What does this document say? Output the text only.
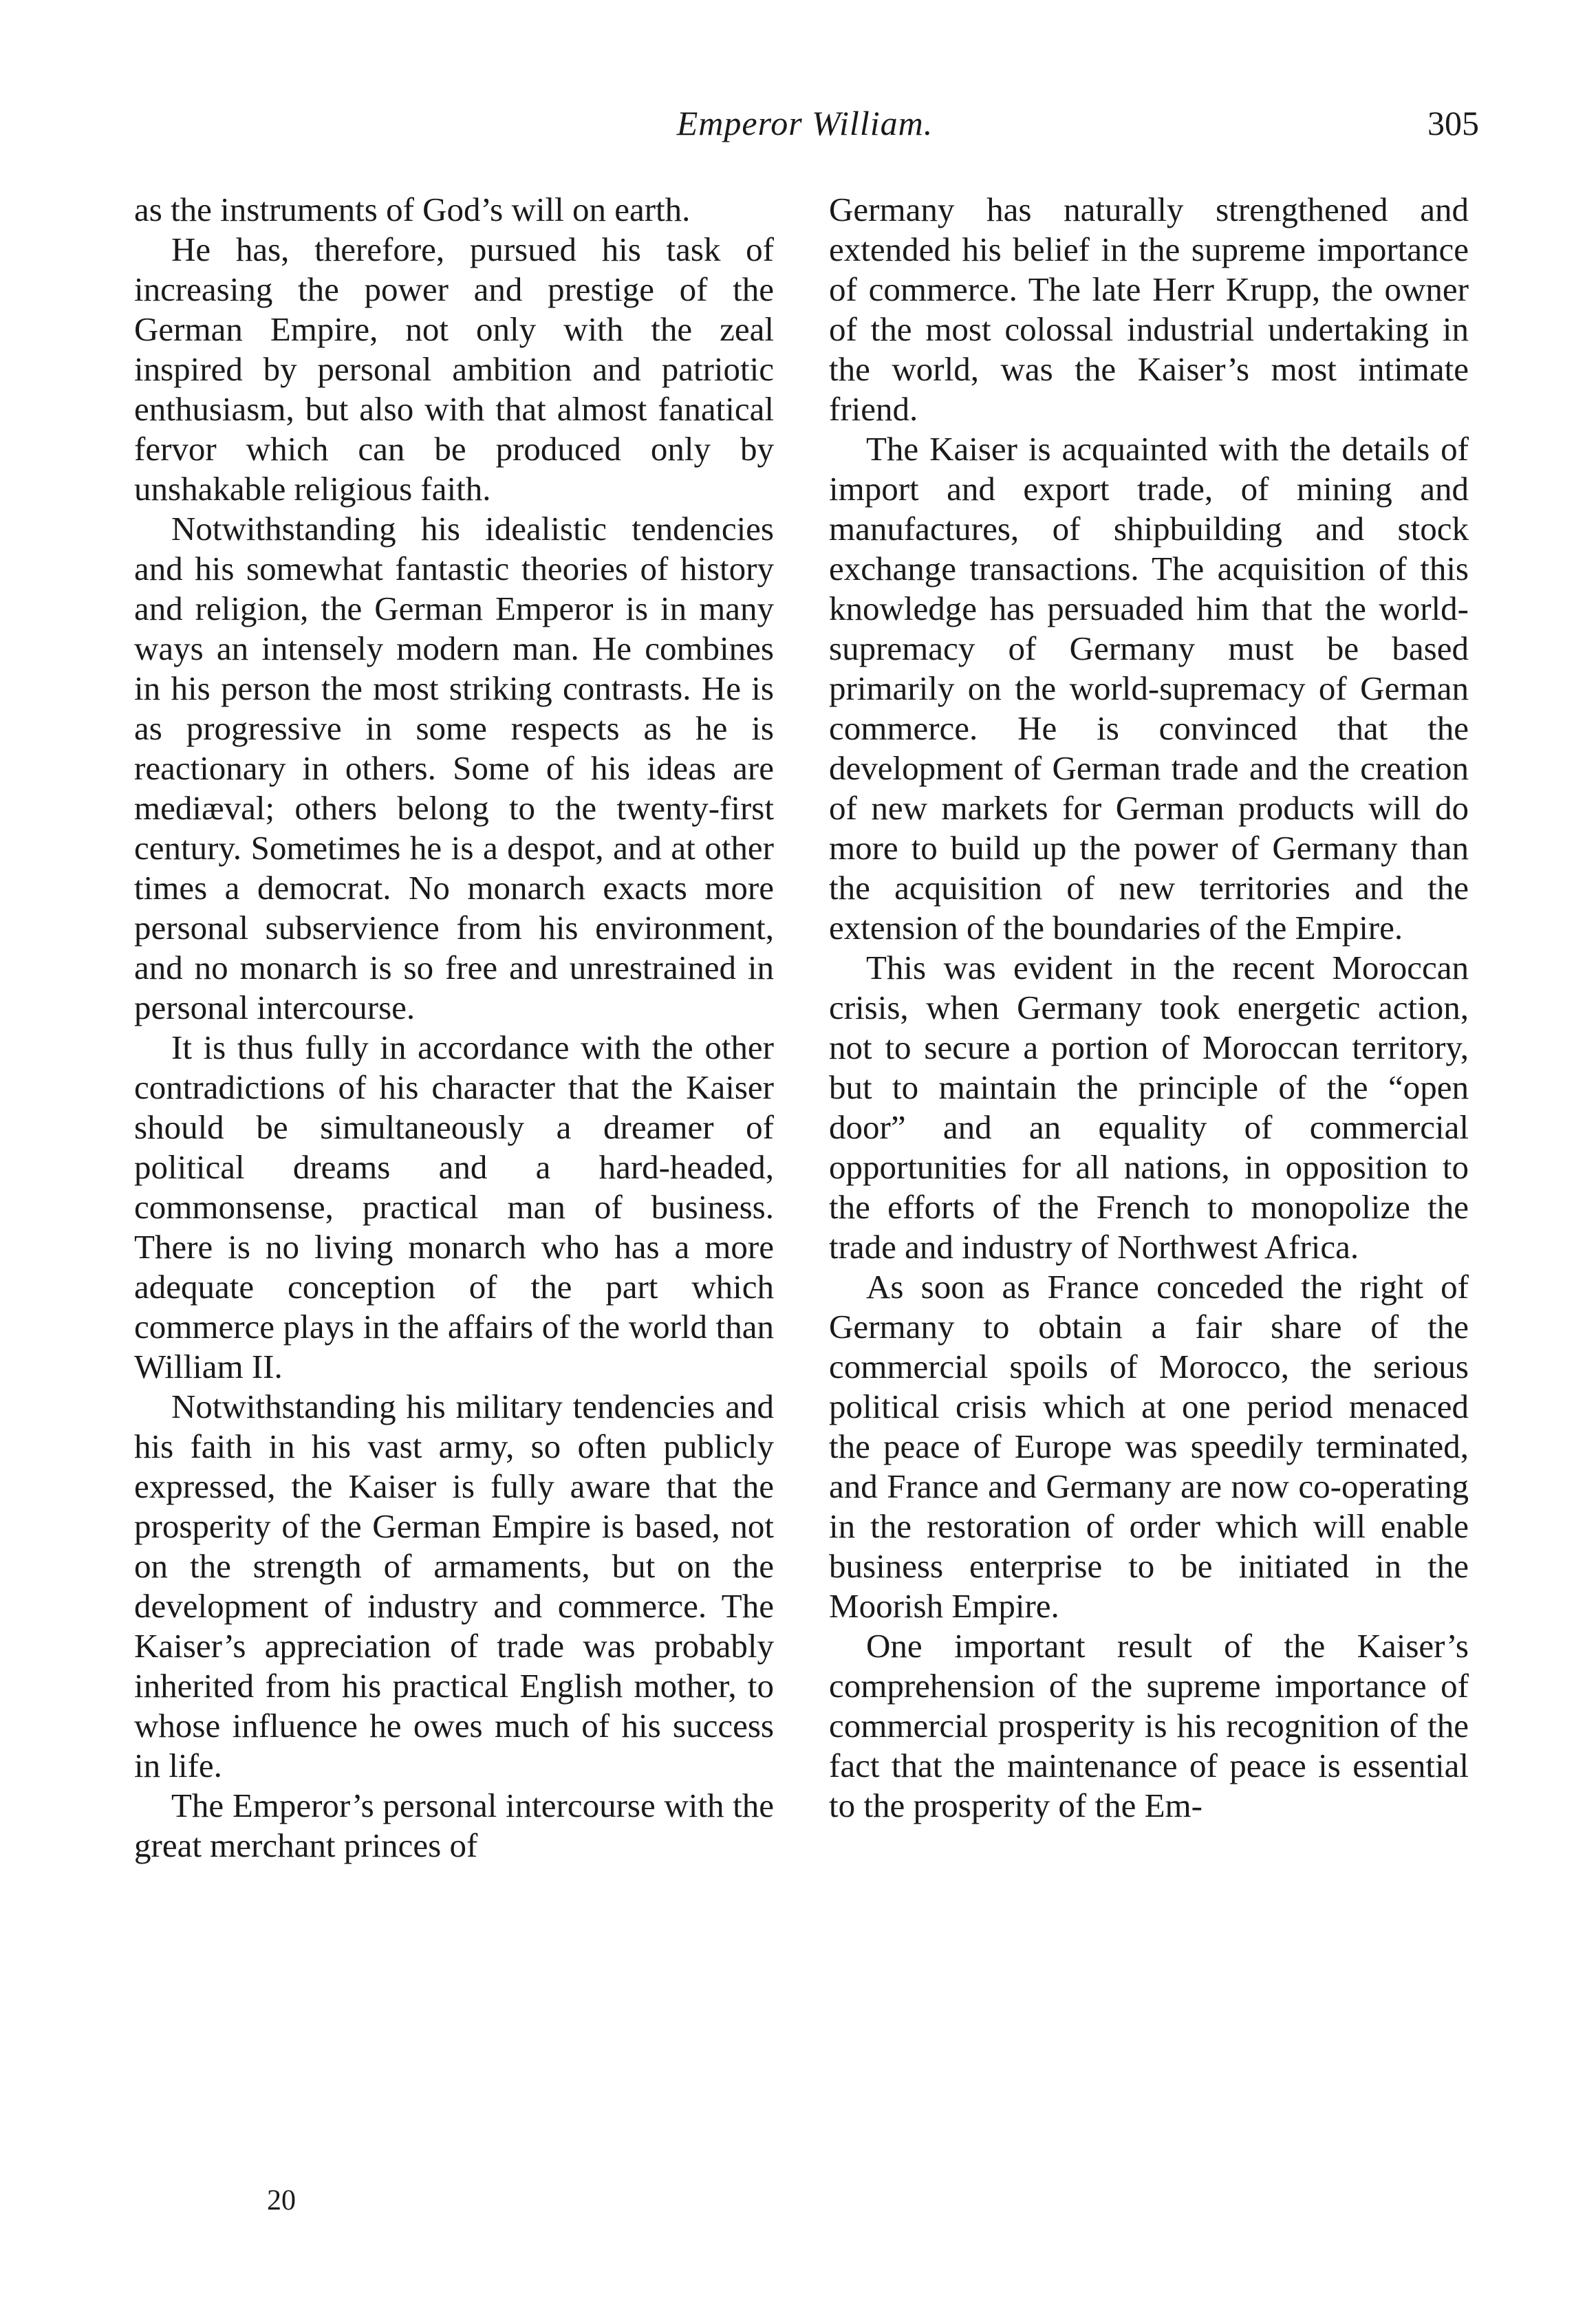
Emperor William.	305

as the instruments of God’s will on earth.

He has, therefore, pursued his task of increasing the power and prestige of the German Empire, not only with the zeal inspired by personal ambition and patriotic enthusiasm, but also with that almost fanatical fervor which can be produced only by unshakable religious faith.

Notwithstanding his idealistic tendencies and his somewhat fantastic theories of history and religion, the German Emperor is in many ways an intensely modern man. He combines in his person the most striking contrasts. He is as progressive in some respects as he is reactionary in others. Some of his ideas are mediæval; others belong to the twenty-first century. Sometimes he is a despot, and at other times a democrat. No monarch exacts more personal subservience from his environment, and no monarch is so free and unrestrained in personal intercourse.

It is thus fully in accordance with the other contradictions of his character that the Kaiser should be simultaneously a dreamer of political dreams and a hard-headed, commonsense, practical man of business. There is no living monarch who has a more adequate conception of the part which commerce plays in the affairs of the world than William II.

Notwithstanding his military tendencies and his faith in his vast army, so often publicly expressed, the Kaiser is fully aware that the prosperity of the German Empire is based, not on the strength of armaments, but on the development of industry and commerce. The Kaiser’s appreciation of trade was probably inherited from his practical English mother, to whose influence he owes much of his success in life.

The Emperor’s personal intercourse with the great merchant princes of

Germany has naturally strengthened and extended his belief in the supreme importance of commerce. The late Herr Krupp, the owner of the most colossal industrial undertaking in the world, was the Kaiser’s most intimate friend.

The Kaiser is acquainted with the details of import and export trade, of mining and manufactures, of shipbuilding and stock exchange transactions. The acquisition of this knowledge has persuaded him that the world-supremacy of Germany must be based primarily on the world-supremacy of German commerce. He is convinced that the development of German trade and the creation of new markets for German products will do more to build up the power of Germany than the acquisition of new territories and the extension of the boundaries of the Empire.

This was evident in the recent Moroccan crisis, when Germany took energetic action, not to secure a portion of Moroccan territory, but to maintain the principle of the “open door” and an equality of commercial opportunities for all nations, in opposition to the efforts of the French to monopolize the trade and industry of Northwest Africa.

As soon as France conceded the right of Germany to obtain a fair share of the commercial spoils of Morocco, the serious political crisis which at one period menaced the peace of Europe was speedily terminated, and France and Germany are now co-operating in the restoration of order which will enable business enterprise to be initiated in the Moorish Empire.

One important result of the Kaiser’s comprehension of the supreme importance of commercial prosperity is his recognition of the fact that the maintenance of peace is essential to the prosperity of the Em-

20
